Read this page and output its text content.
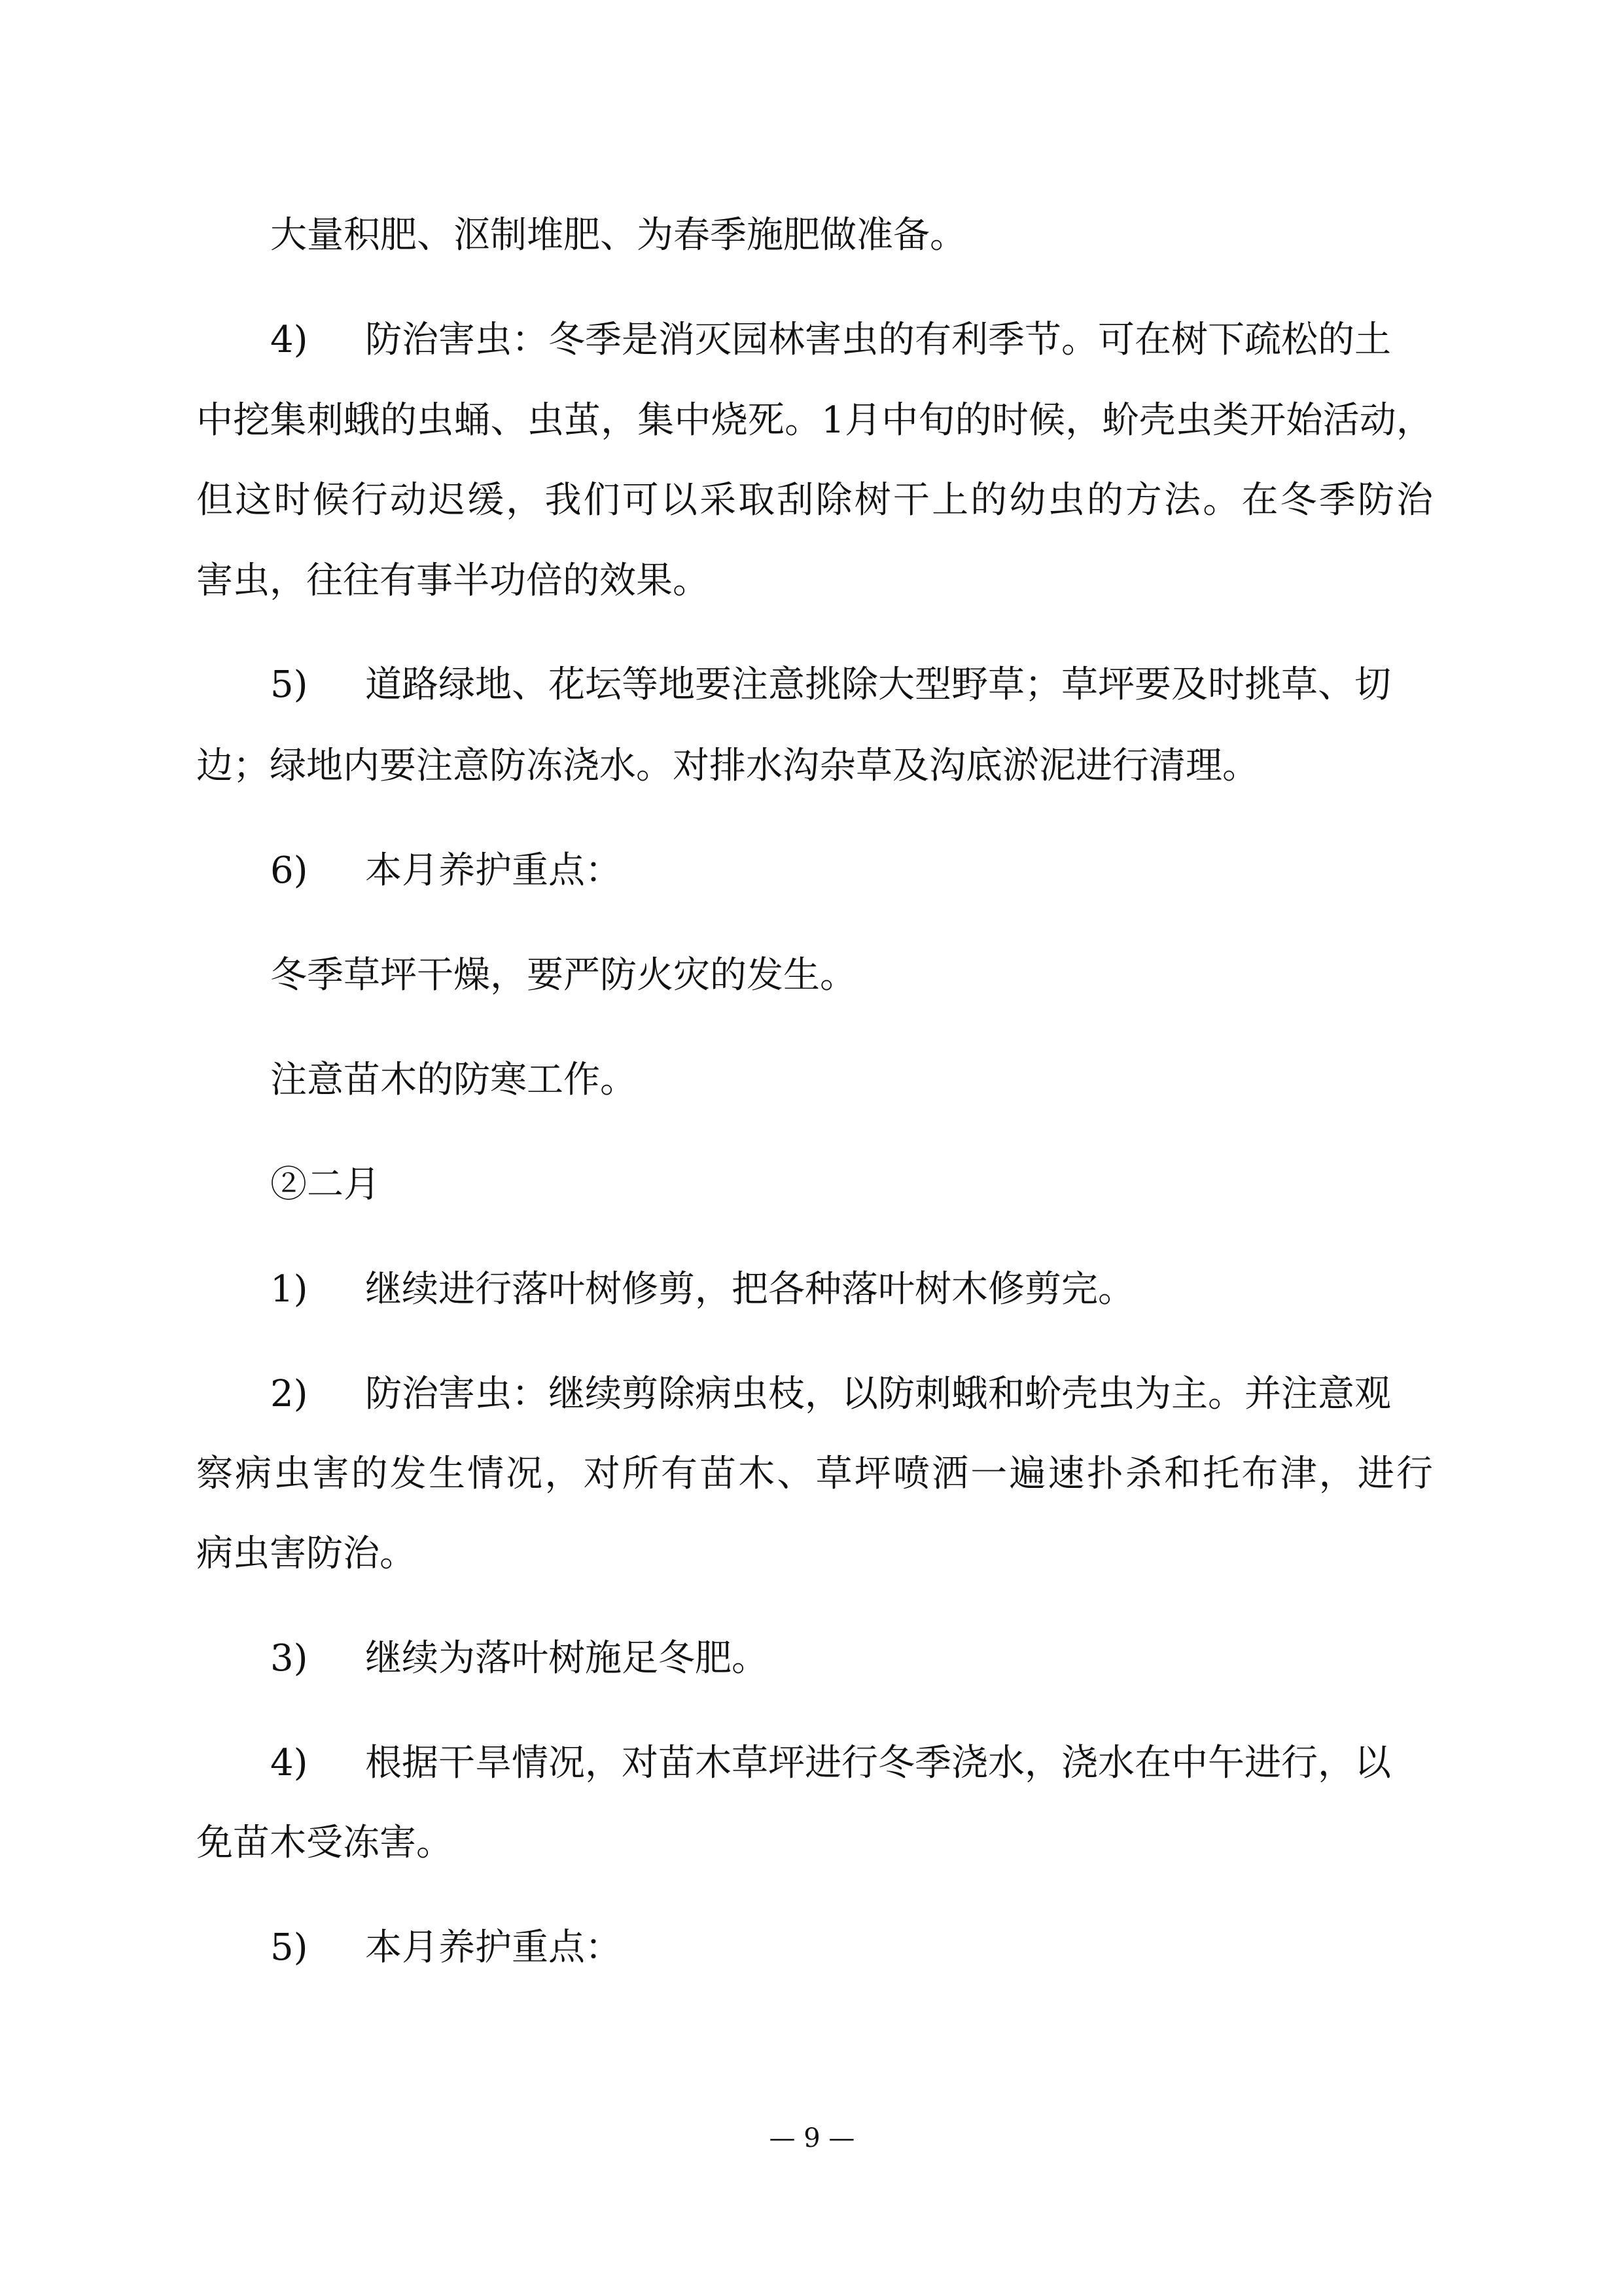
大量积肥、沤制堆肥、为春季施肥做准备。
4) 防治害虫：冬季是消灭园林害虫的有利季节。可在树下疏松的土
中挖集刺蛾的虫蛹、虫茧，集中烧死。1月中旬的时候，蚧壳虫类开始活动，
但这时候行动迟缓，我们可以采取刮除树干上的幼虫的方法。在冬季防治
害虫，往往有事半功倍的效果。
5) 道路绿地、花坛等地要注意挑除大型野草；草坪要及时挑草、切
边；绿地内要注意防冻浇水。对排水沟杂草及沟底淤泥进行清理。
6) 本月养护重点：
冬季草坪干燥，要严防火灾的发生。
注意苗木的防寒工作。
②二月
1) 继续进行落叶树修剪，把各种落叶树木修剪完。
2) 防治害虫：继续剪除病虫枝，以防刺蛾和蚧壳虫为主。并注意观
察病虫害的发生情况，对所有苗木、草坪喷洒一遍速扑杀和托布津，进行
病虫害防治。
3) 继续为落叶树施足冬肥。
4) 根据干旱情况，对苗木草坪进行冬季浇水，浇水在中午进行，以
免苗木受冻害。
5) 本月养护重点：
— 9 —
